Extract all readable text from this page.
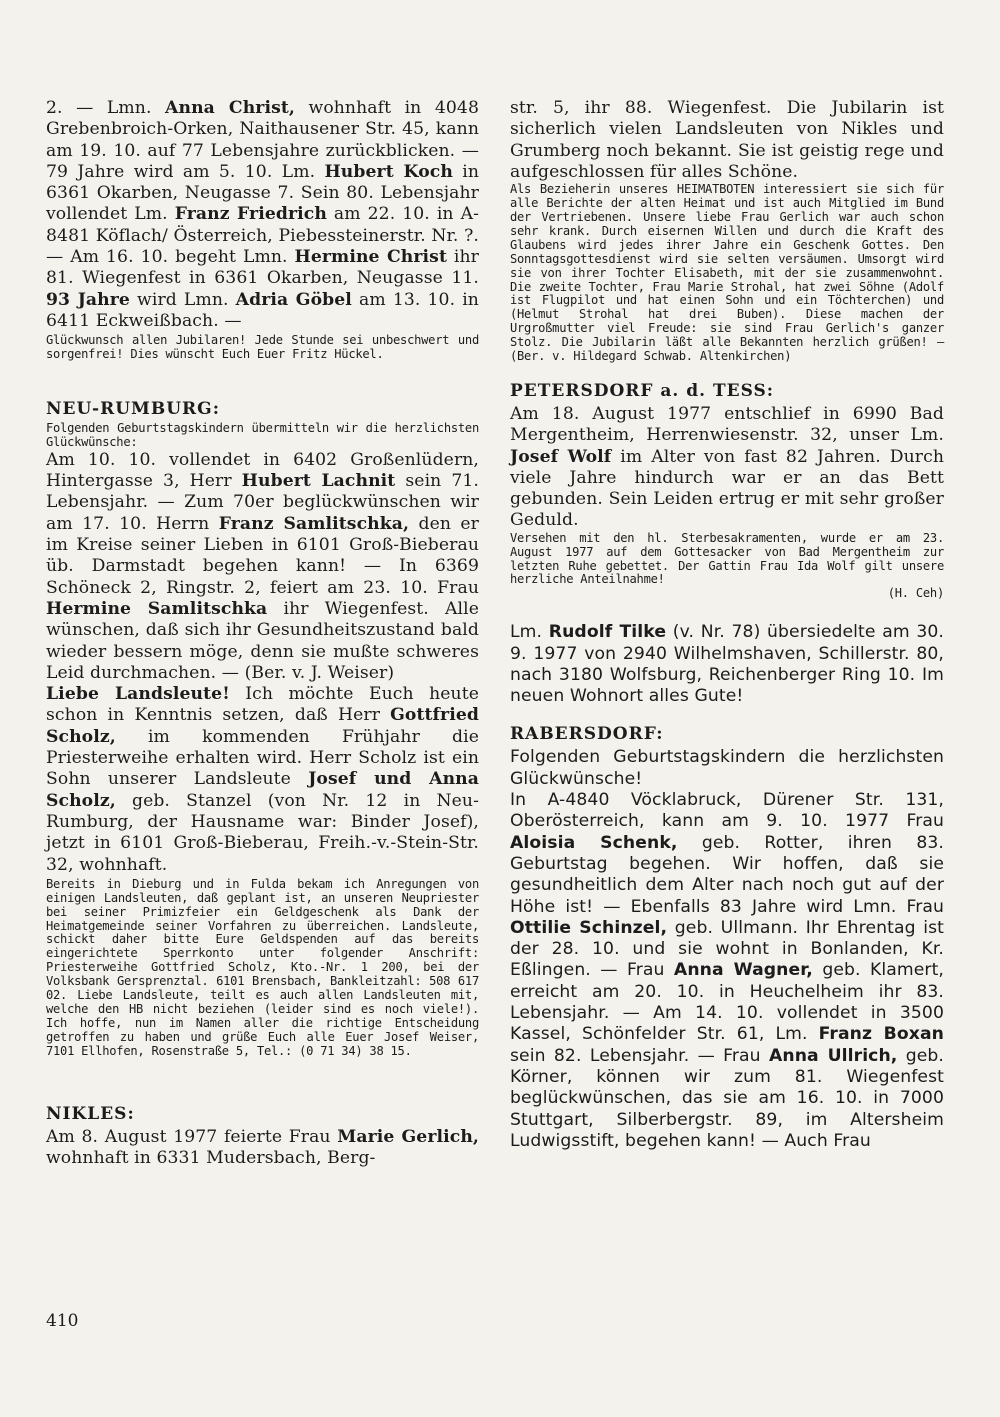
2. — Lmn. Anna Christ, wohnhaft in 4048 Grebenbroich-Orken, Naithausener Str. 45, kann am 19. 10. auf 77 Lebensjahre zurückblicken. — 79 Jahre wird am 5. 10. Lm. Hubert Koch in 6361 Okarben, Neugasse 7. Sein 80. Lebensjahr vollendet Lm. Franz Friedrich am 22. 10. in A-8481 Köflach/ Österreich, Piebessteinerstr. Nr. ?. — Am 16. 10. begeht Lmn. Hermine Christ ihr 81. Wiegenfest in 6361 Okarben, Neugasse 11. 93 Jahre wird Lmn. Adria Göbel am 13. 10. in 6411 Eckweißbach. —

Glückwunsch allen Jubilaren! Jede Stunde sei unbeschwert und sorgenfrei! Dies wünscht Euch Euer Fritz Hückel.

NEU-RUMBURG:

Folgenden Geburtstagskindern übermitteln wir die herzlichsten Glückwünsche:

Am 10. 10. vollendet in 6402 Großenlüdern, Hintergasse 3, Herr Hubert Lachnit sein 71. Lebensjahr. — Zum 70er beglückwünschen wir am 17. 10. Herrn Franz Samlitschka, den er im Kreise seiner Lieben in 6101 Groß-Bieberau üb. Darmstadt begehen kann! — In 6369 Schöneck 2, Ringstr. 2, feiert am 23. 10. Frau Hermine Samlitschka ihr Wiegenfest. Alle wünschen, daß sich ihr Gesundheitszustand bald wieder bessern möge, denn sie mußte schweres Leid durchmachen. — (Ber. v. J. Weiser)

Liebe Landsleute! Ich möchte Euch heute schon in Kenntnis setzen, daß Herr Gottfried Scholz, im kommenden Frühjahr die Priesterweihe erhalten wird. Herr Scholz ist ein Sohn unserer Landsleute Josef und Anna Scholz, geb. Stanzel (von Nr. 12 in Neu-Rumburg, der Hausname war: Binder Josef), jetzt in 6101 Groß-Bieberau, Freih.-v.-Stein-Str. 32, wohnhaft.

Bereits in Dieburg und in Fulda bekam ich Anregungen von einigen Landsleuten, daß geplant ist, an unseren Neupriester bei seiner Primizfeier ein Geldgeschenk als Dank der Heimatgemeinde seiner Vorfahren zu überreichen. Landsleute, schickt daher bitte Eure Geldspenden auf das bereits eingerichtete Sperrkonto unter folgender Anschrift: Priesterweihe Gottfried Scholz, Kto.-Nr. 1 200, bei der Volksbank Gersprenztal. 6101 Brensbach, Bankleitzahl: 508 617 02. Liebe Landsleute, teilt es auch allen Landsleuten mit, welche den HB nicht beziehen (leider sind es noch viele!). Ich hoffe, nun im Namen aller die richtige Entscheidung getroffen zu haben und grüße Euch alle Euer Josef Weiser, 7101 Ellhofen, Rosenstraße 5, Tel.: (0 71 34) 38 15.

NIKLES:

Am 8. August 1977 feierte Frau Marie Gerlich, wohnhaft in 6331 Mudersbach, Berg-

str. 5, ihr 88. Wiegenfest. Die Jubilarin ist sicherlich vielen Landsleuten von Nikles und Grumberg noch bekannt. Sie ist geistig rege und aufgeschlossen für alles Schöne.

Als Bezieherin unseres HEIMATBOTEN interessiert sie sich für alle Berichte der alten Heimat und ist auch Mitglied im Bund der Vertriebenen. Unsere liebe Frau Gerlich war auch schon sehr krank. Durch eisernen Willen und durch die Kraft des Glaubens wird jedes ihrer Jahre ein Geschenk Gottes. Den Sonntagsgottesdienst wird sie selten versäumen. Umsorgt wird sie von ihrer Tochter Elisabeth, mit der sie zusammenwohnt. Die zweite Tochter, Frau Marie Strohal, hat zwei Söhne (Adolf ist Flugpilot und hat einen Sohn und ein Töchterchen) und (Helmut Strohal hat drei Buben). Diese machen der Urgroßmutter viel Freude: sie sind Frau Gerlich's ganzer Stolz. Die Jubilarin läßt alle Bekannten herzlich grüßen! – (Ber. v. Hildegard Schwab. Altenkirchen)

PETERSDORF a. d. TESS:

Am 18. August 1977 entschlief in 6990 Bad Mergentheim, Herrenwiesenstr. 32, unser Lm. Josef Wolf im Alter von fast 82 Jahren. Durch viele Jahre hindurch war er an das Bett gebunden. Sein Leiden ertrug er mit sehr großer Geduld.

Versehen mit den hl. Sterbesakramenten, wurde er am 23. August 1977 auf dem Gottesacker von Bad Mergentheim zur letzten Ruhe gebettet. Der Gattin Frau Ida Wolf gilt unsere herzliche Anteilnahme!

(H. Ceh)

Lm. Rudolf Tilke (v. Nr. 78) übersiedelte am 30. 9. 1977 von 2940 Wilhelmshaven, Schillerstr. 80, nach 3180 Wolfsburg, Reichenberger Ring 10. Im neuen Wohnort alles Gute!

RABERSDORF:

Folgenden Geburtstagskindern die herzlichsten Glückwünsche!

In A-4840 Vöcklabruck, Dürener Str. 131, Oberösterreich, kann am 9. 10. 1977 Frau Aloisia Schenk, geb. Rotter, ihren 83. Geburtstag begehen. Wir hoffen, daß sie gesundheitlich dem Alter nach noch gut auf der Höhe ist! — Ebenfalls 83 Jahre wird Lmn. Frau Ottilie Schinzel, geb. Ullmann. Ihr Ehrentag ist der 28. 10. und sie wohnt in Bonlanden, Kr. Eßlingen. — Frau Anna Wagner, geb. Klamert, erreicht am 20. 10. in Heuchelheim ihr 83. Lebensjahr. — Am 14. 10. vollendet in 3500 Kassel, Schönfelder Str. 61, Lm. Franz Boxan sein 82. Lebensjahr. — Frau Anna Ullrich, geb. Körner, können wir zum 81. Wiegenfest beglückwünschen, das sie am 16. 10. in 7000 Stuttgart, Silberbergstr. 89, im Altersheim Ludwigsstift, begehen kann! — Auch Frau

410
